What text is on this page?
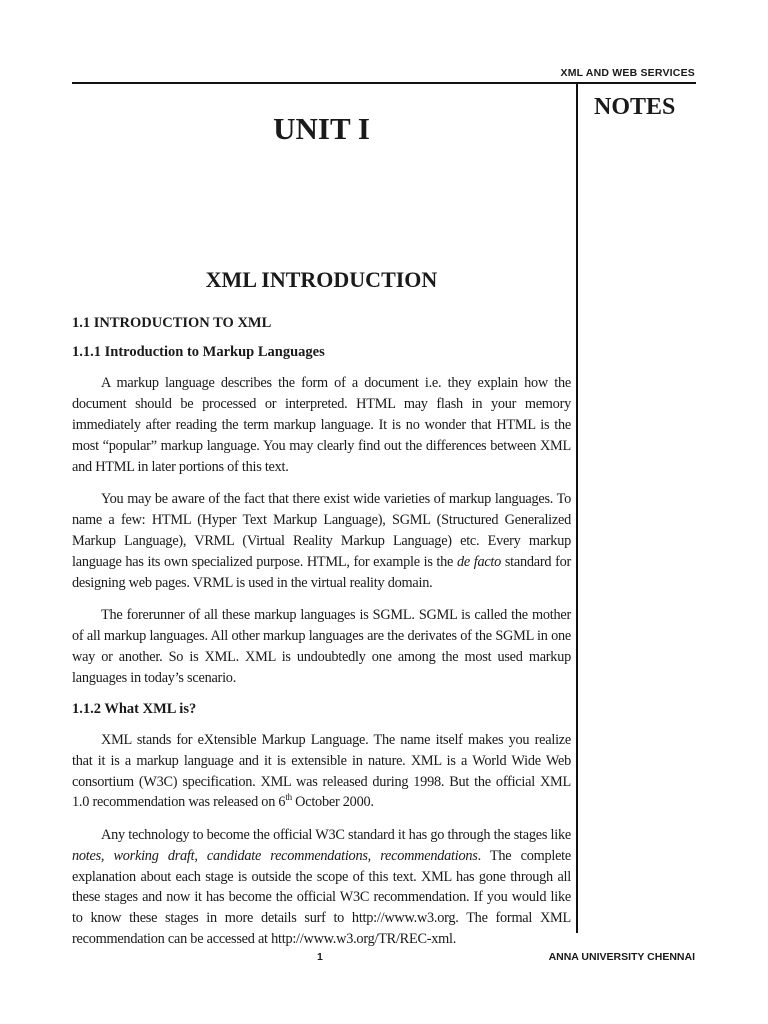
XML AND WEB SERVICES
NOTES
UNIT I
XML INTRODUCTION
1.1 INTRODUCTION TO XML
1.1.1 Introduction to Markup Languages

A markup language describes the form of a document i.e. they explain how the document should be processed or interpreted. HTML may flash in your memory immediately after reading the term markup language. It is no wonder that HTML is the most “popular” markup language. You may clearly find out the differences between XML and HTML in later portions of this text.

You may be aware of the fact that there exist wide varieties of markup languages. To name a few: HTML (Hyper Text Markup Language), SGML (Structured Generalized Markup Language), VRML (Virtual Reality Markup Language) etc. Every markup language has its own specialized purpose. HTML, for example is the de facto standard for designing web pages. VRML is used in the virtual reality domain.

The forerunner of all these markup languages is SGML. SGML is called the mother of all markup languages. All other markup languages are the derivates of the SGML in one way or another. So is XML. XML is undoubtedly one among the most used markup languages in today’s scenario.

1.1.2 What XML is?

XML stands for eXtensible Markup Language. The name itself makes you realize that it is a markup language and it is extensible in nature. XML is a World Wide Web consortium (W3C) specification. XML was released during 1998. But the official XML 1.0 recommendation was released on 6th October 2000.

Any technology to become the official W3C standard it has go through the stages like notes, working draft, candidate recommendations, recommendations. The complete explanation about each stage is outside the scope of this text. XML has gone through all these stages and now it has become the official W3C recommendation. If you would like to know these stages in more details surf to http://www.w3.org. The formal XML recommendation can be accessed at http://www.w3.org/TR/REC-xml.

1	ANNA UNIVERSITY CHENNAI
